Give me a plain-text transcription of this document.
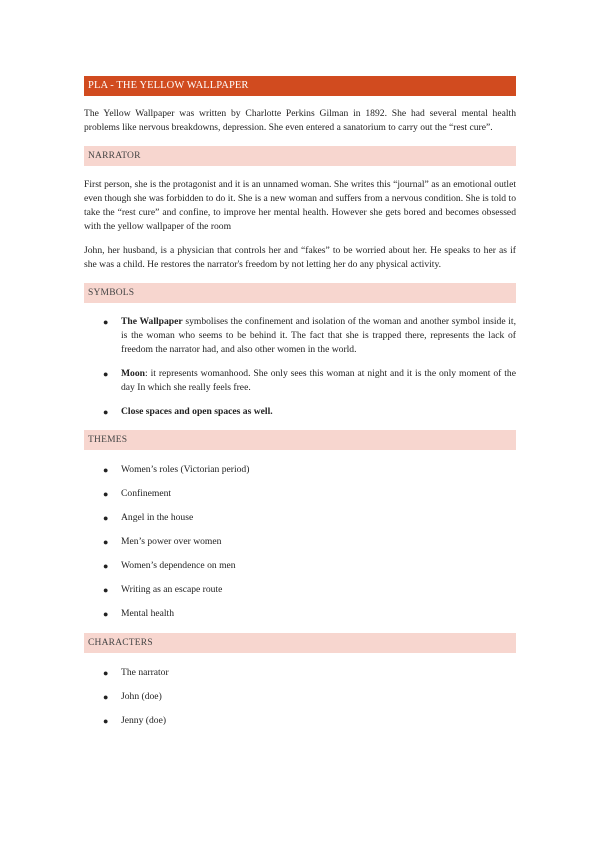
PLA - THE YELLOW WALLPAPER

The Yellow Wallpaper was written by Charlotte Perkins Gilman in 1892. She had several mental health problems like nervous breakdowns, depression. She even entered a sanatorium to carry out the “rest cure”.

NARRATOR

First person, she is the protagonist and it is an unnamed woman. She writes this “journal” as an emotional outlet even though she was forbidden to do it. She is a new woman and suffers from a nervous condition. She is told to take the “rest cure” and confine, to improve her mental health. However she gets bored and becomes obsessed with the yellow wallpaper of the room

John, her husband, is a physician that controls her and “fakes” to be worried about her. He speaks to her as if she was a child. He restores the narrator's freedom by not letting her do any physical activity.

SYMBOLS
● The Wallpaper symbolises the confinement and isolation of the woman and another symbol inside it, is the woman who seems to be behind it. The fact that she is trapped there, represents the lack of freedom the narrator had, and also other women in the world.
● Moon: it represents womanhood. She only sees this woman at night and it is the only moment of the day In which she really feels free.
● Close spaces and open spaces as well.
THEMES
● Women’s roles (Victorian period)
● Confinement
● Angel in the house
● Men’s power over women
● Women’s dependence on men
● Writing as an escape route
● Mental health
CHARACTERS
● The narrator
● John (doe)
● Jenny (doe)
